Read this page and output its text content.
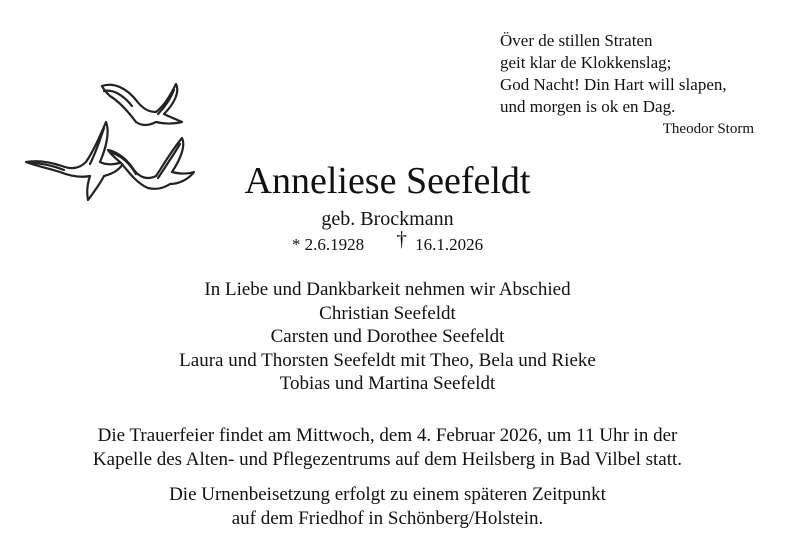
Över de stillen Straten
geit klar de Klokkenslag;
God Nacht! Din Hart will slapen,
und morgen is ok en Dag.
Theodor Storm
Anneliese Seefeldt
geb. Brockmann
* 2.6.1928 † 16.1.2026
In Liebe und Dankbarkeit nehmen wir Abschied
Christian Seefeldt
Carsten und Dorothee Seefeldt
Laura und Thorsten Seefeldt mit Theo, Bela und Rieke
Tobias und Martina Seefeldt
Die Trauerfeier findet am Mittwoch, dem 4. Februar 2026, um 11 Uhr in der
Kapelle des Alten- und Pflegezentrums auf dem Heilsberg in Bad Vilbel statt.
Die Urnenbeisetzung erfolgt zu einem späteren Zeitpunkt
auf dem Friedhof in Schönberg/Holstein.
